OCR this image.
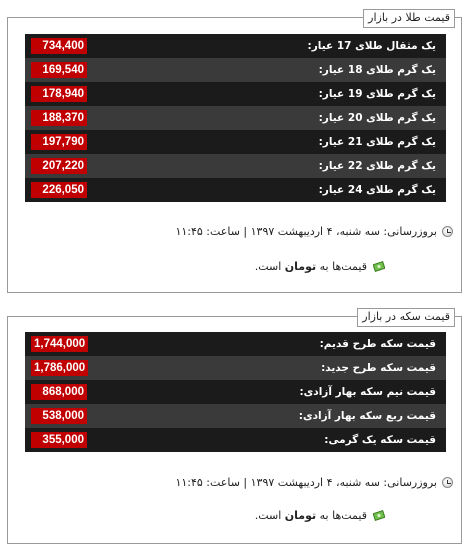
قیمت طلا در بازار
یک مثقال طلای 17 عیار:
734,400
یک گرم طلای 18 عیار:
169,540
یک گرم طلای 19 عیار:
178,940
یک گرم طلای 20 عیار:
188,370
یک گرم طلای 21 عیار:
197,790
یک گرم طلای 22 عیار:
207,220
یک گرم طلای 24 عیار:
226,050
بروزرسانی: سه شنبه، ۴ اردیبهشت ۱۳۹۷ | ساعت: ۱۱:۴۵
قیمت‌ها به

تومان

است.
قیمت سکه در بازار
قیمت سکه طرح قدیم:
1,744,000
قیمت سکه طرح جدید:
1,786,000
قیمت نیم سکه بهار آزادی:
868,000
قیمت ربع سکه بهار آزادی:
538,000
قیمت سکه یک گرمی:
355,000
بروزرسانی: سه شنبه، ۴ اردیبهشت ۱۳۹۷ | ساعت: ۱۱:۴۵
قیمت‌ها به

تومان

است.
